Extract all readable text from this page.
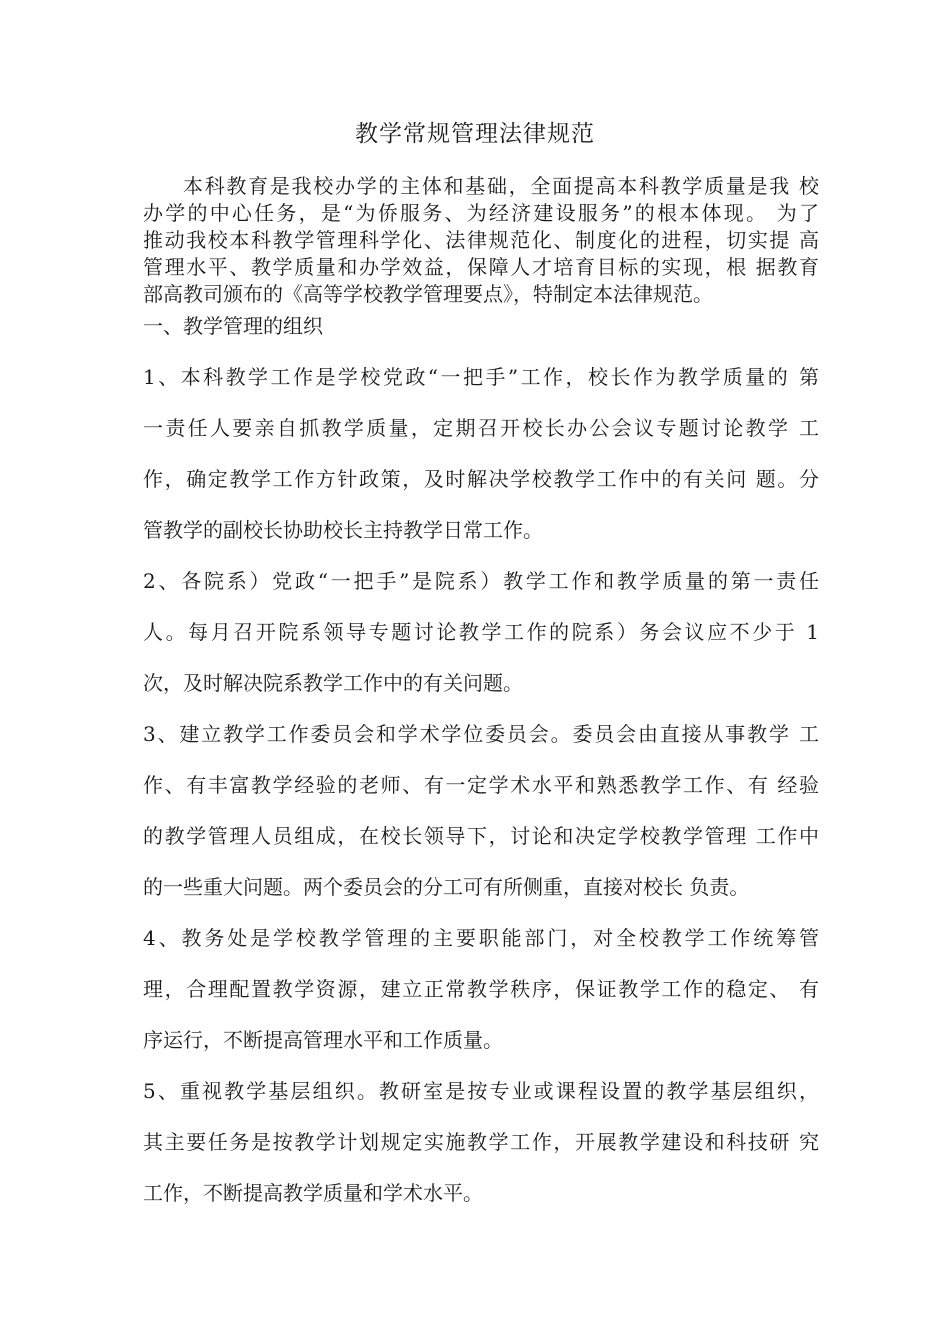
教学常规管理法律规范
本科教育是我校办学的主体和基础，全面提高本科教学质量是我 校
办学的中心任务，是“为侨服务、为经济建设服务”的根本体现。 为了
推动我校本科教学管理科学化、法律规范化、制度化的进程，切实提 高
管理水平、教学质量和办学效益，保障人才培育目标的实现，根 据教育
部高教司颁布的《高等学校教学管理要点》，特制定本法律规范。
一、教学管理的组织
1、本科教学工作是学校党政“一把手”工作，校长作为教学质量的 第
一责任人要亲自抓教学质量，定期召开校长办公会议专题讨论教学 工
作，确定教学工作方针政策，及时解决学校教学工作中的有关问 题。分
管教学的副校长协助校长主持教学日常工作。
2、各院系）党政“一把手”是院系）教学工作和教学质量的第一责任
人。每月召开院系领导专题讨论教学工作的院系）务会议应不少于 1
次，及时解决院系教学工作中的有关问题。
3、建立教学工作委员会和学术学位委员会。委员会由直接从事教学 工
作、有丰富教学经验的老师、有一定学术水平和熟悉教学工作、有 经验
的教学管理人员组成，在校长领导下，讨论和决定学校教学管理 工作中
的一些重大问题。两个委员会的分工可有所侧重，直接对校长 负责。
4、教务处是学校教学管理的主要职能部门，对全校教学工作统筹管
理，合理配置教学资源，建立正常教学秩序，保证教学工作的稳定、 有
序运行，不断提高管理水平和工作质量。
5、重视教学基层组织。教研室是按专业或课程设置的教学基层组织，
其主要任务是按教学计划规定实施教学工作，开展教学建设和科技研 究
工作，不断提高教学质量和学术水平。
